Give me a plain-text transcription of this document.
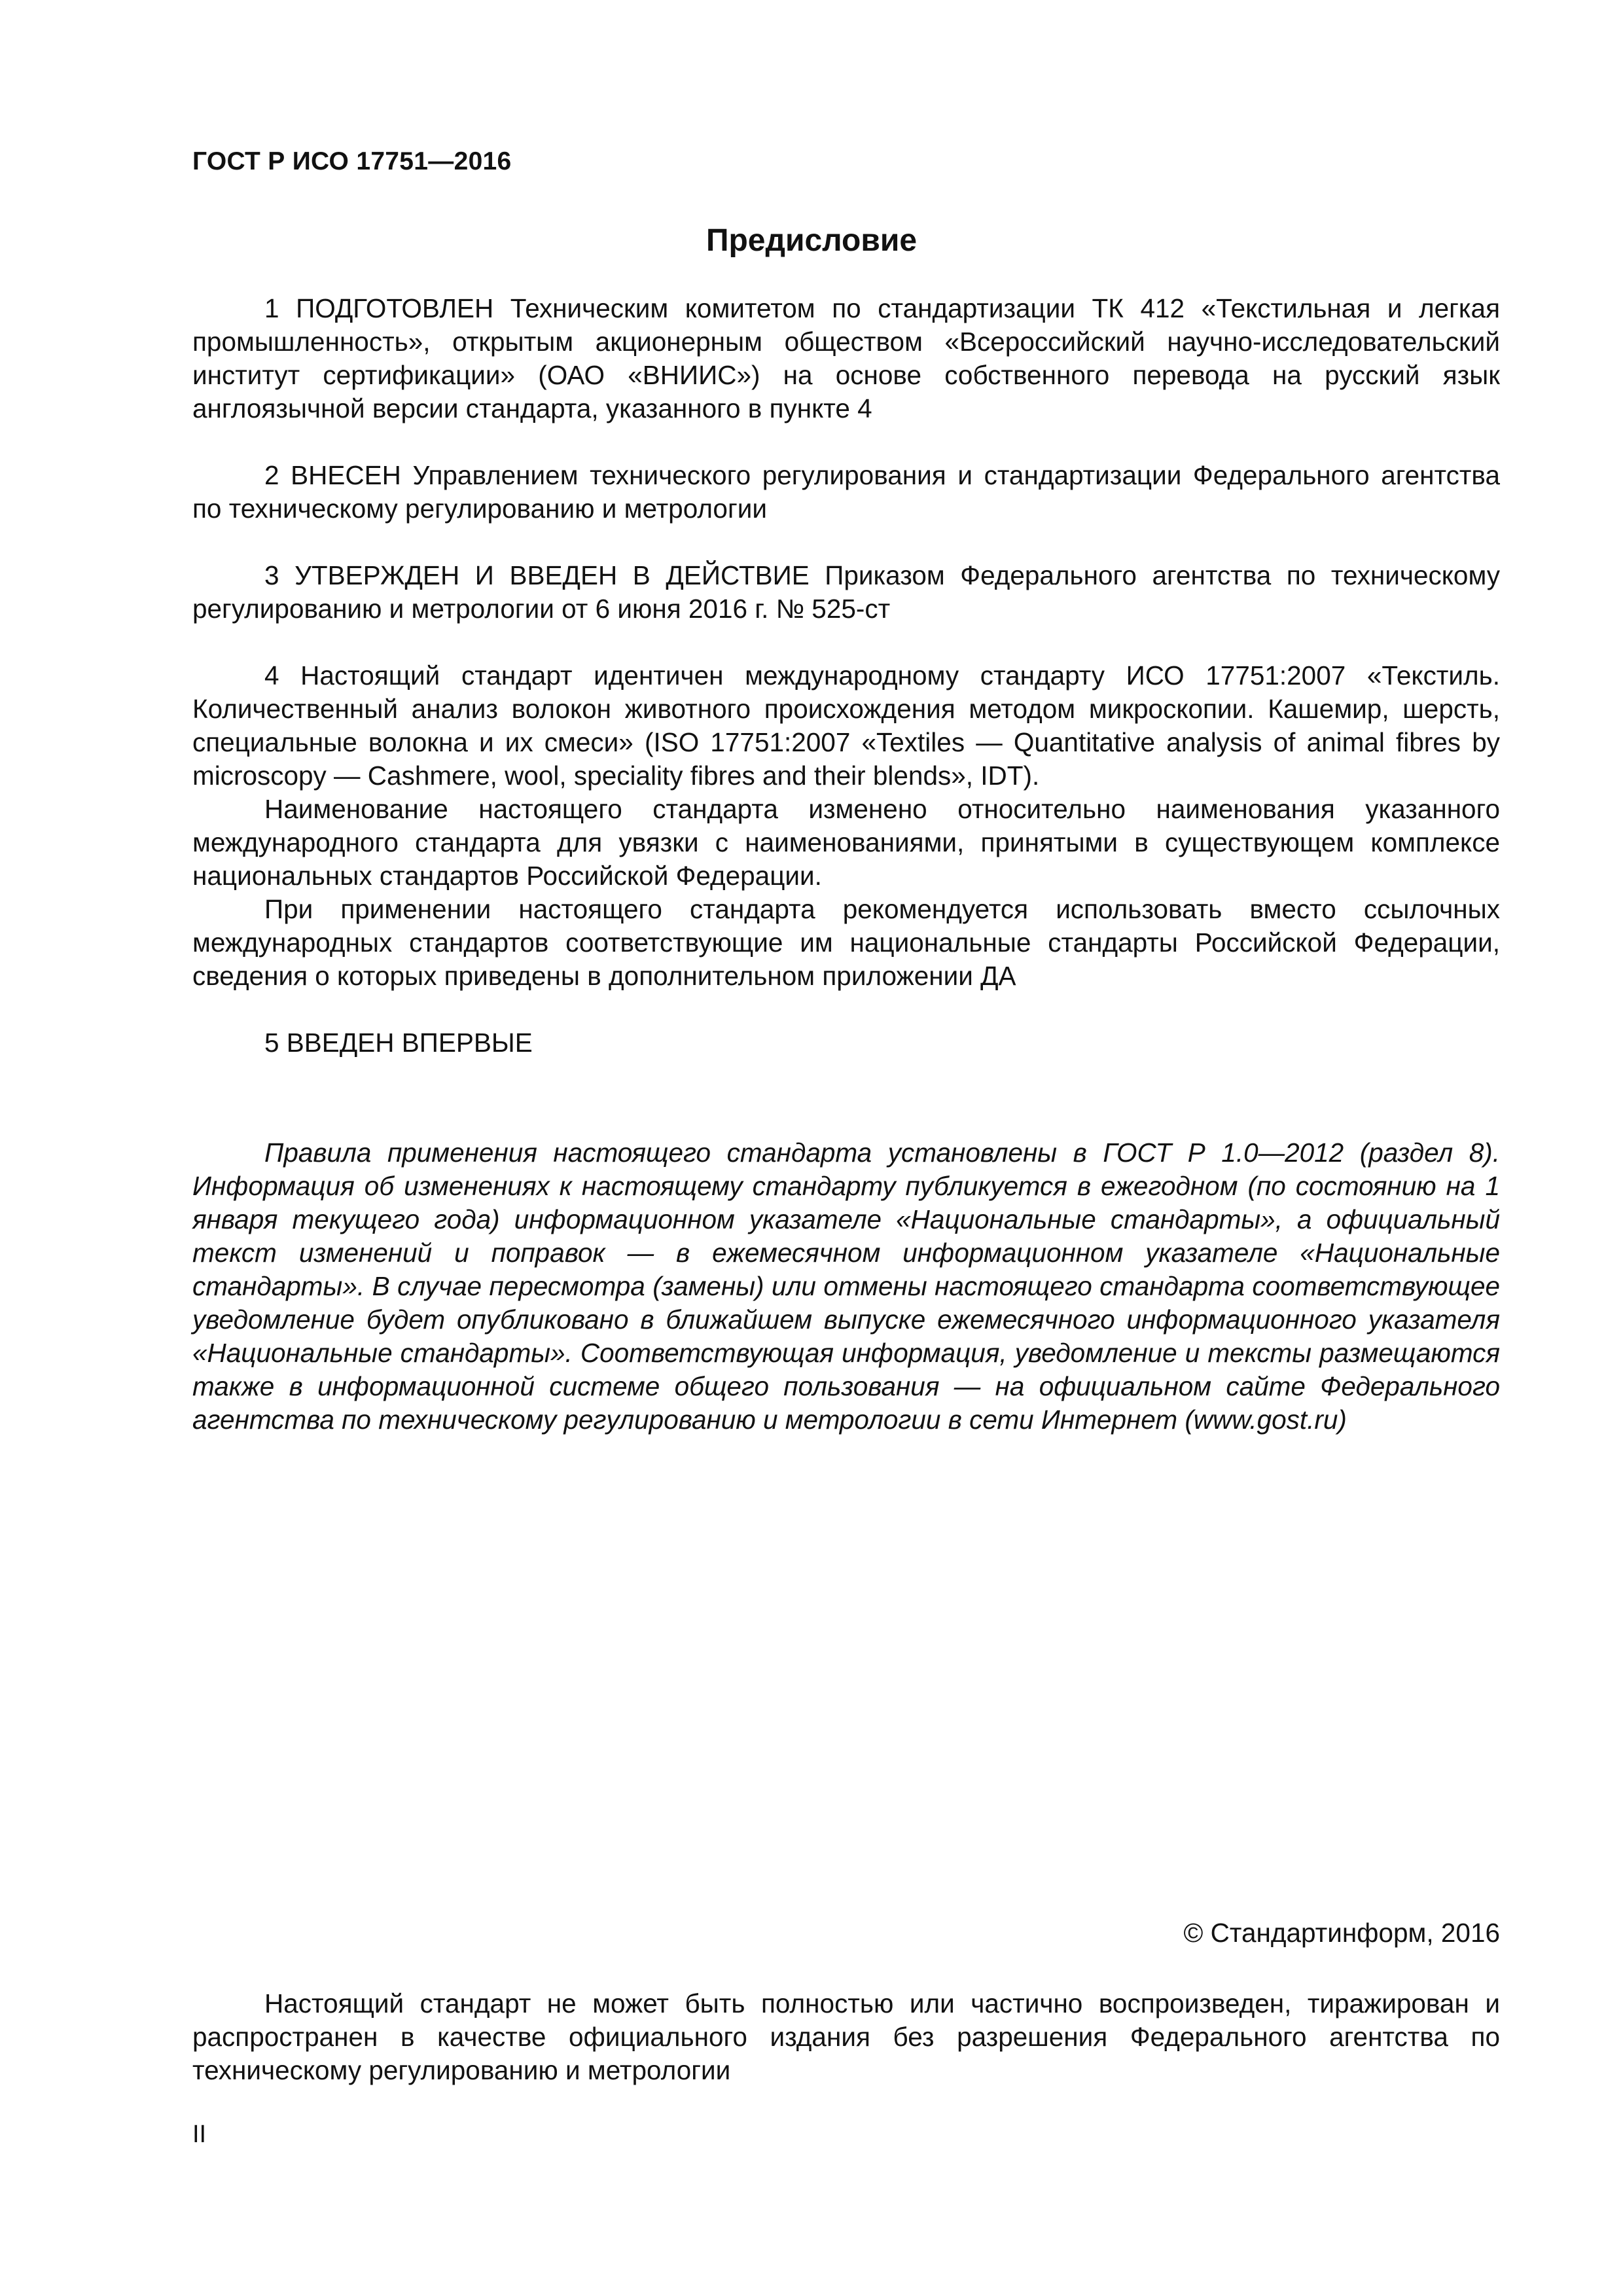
ГОСТ Р ИСО 17751—2016
Предисловие

1 ПОДГОТОВЛЕН Техническим комитетом по стандартизации ТК 412 «Текстильная и легкая промышленность», открытым акционерным обществом «Всероссийский научно-исследовательский институт сертификации» (ОАО «ВНИИС») на основе собственного перевода на русский язык англоязычной версии стандарта, указанного в пункте 4

2 ВНЕСЕН Управлением технического регулирования и стандартизации Федерального агентства по техническому регулированию и метрологии

3 УТВЕРЖДЕН И ВВЕДЕН В ДЕЙСТВИЕ Приказом Федерального агентства по техническому регулированию и метрологии от 6 июня 2016 г. № 525-ст

4 Настоящий стандарт идентичен международному стандарту ИСО 17751:2007 «Текстиль. Количественный анализ волокон животного происхождения методом микроскопии. Кашемир, шерсть, специальные волокна и их смеси» (ISO 17751:2007 «Textiles — Quantitative analysis of animal fibres by microscopy — Cashmere, wool, speciality fibres and their blends», IDT).

Наименование настоящего стандарта изменено относительно наименования указанного международного стандарта для увязки с наименованиями, принятыми в существующем комплексе национальных стандартов Российской Федерации.

При применении настоящего стандарта рекомендуется использовать вместо ссылочных международных стандартов соответствующие им национальные стандарты Российской Федерации, сведения о которых приведены в дополнительном приложении ДА

5 ВВЕДЕН ВПЕРВЫЕ

Правила применения настоящего стандарта установлены в ГОСТ Р 1.0—2012 (раздел 8). Информация об изменениях к настоящему стандарту публикуется в ежегодном (по состоянию на 1 января текущего года) информационном указателе «Национальные стандарты», а официальный текст изменений и поправок — в ежемесячном информационном указателе «Национальные стандарты». В случае пересмотра (замены) или отмены настоящего стандарта соответствующее уведомление будет опубликовано в ближайшем выпуске ежемесячного информационного указателя «Национальные стандарты». Соответствующая информация, уведомление и тексты размещаются также в информационной системе общего пользования — на официальном сайте Федерального агентства по техническому регулированию и метрологии в сети Интернет (www.gost.ru)
© Стандартинформ, 2016
Настоящий стандарт не может быть полностью или частично воспроизведен, тиражирован и распространен в качестве официального издания без разрешения Федерального агентства по техническому регулированию и метрологии
II
